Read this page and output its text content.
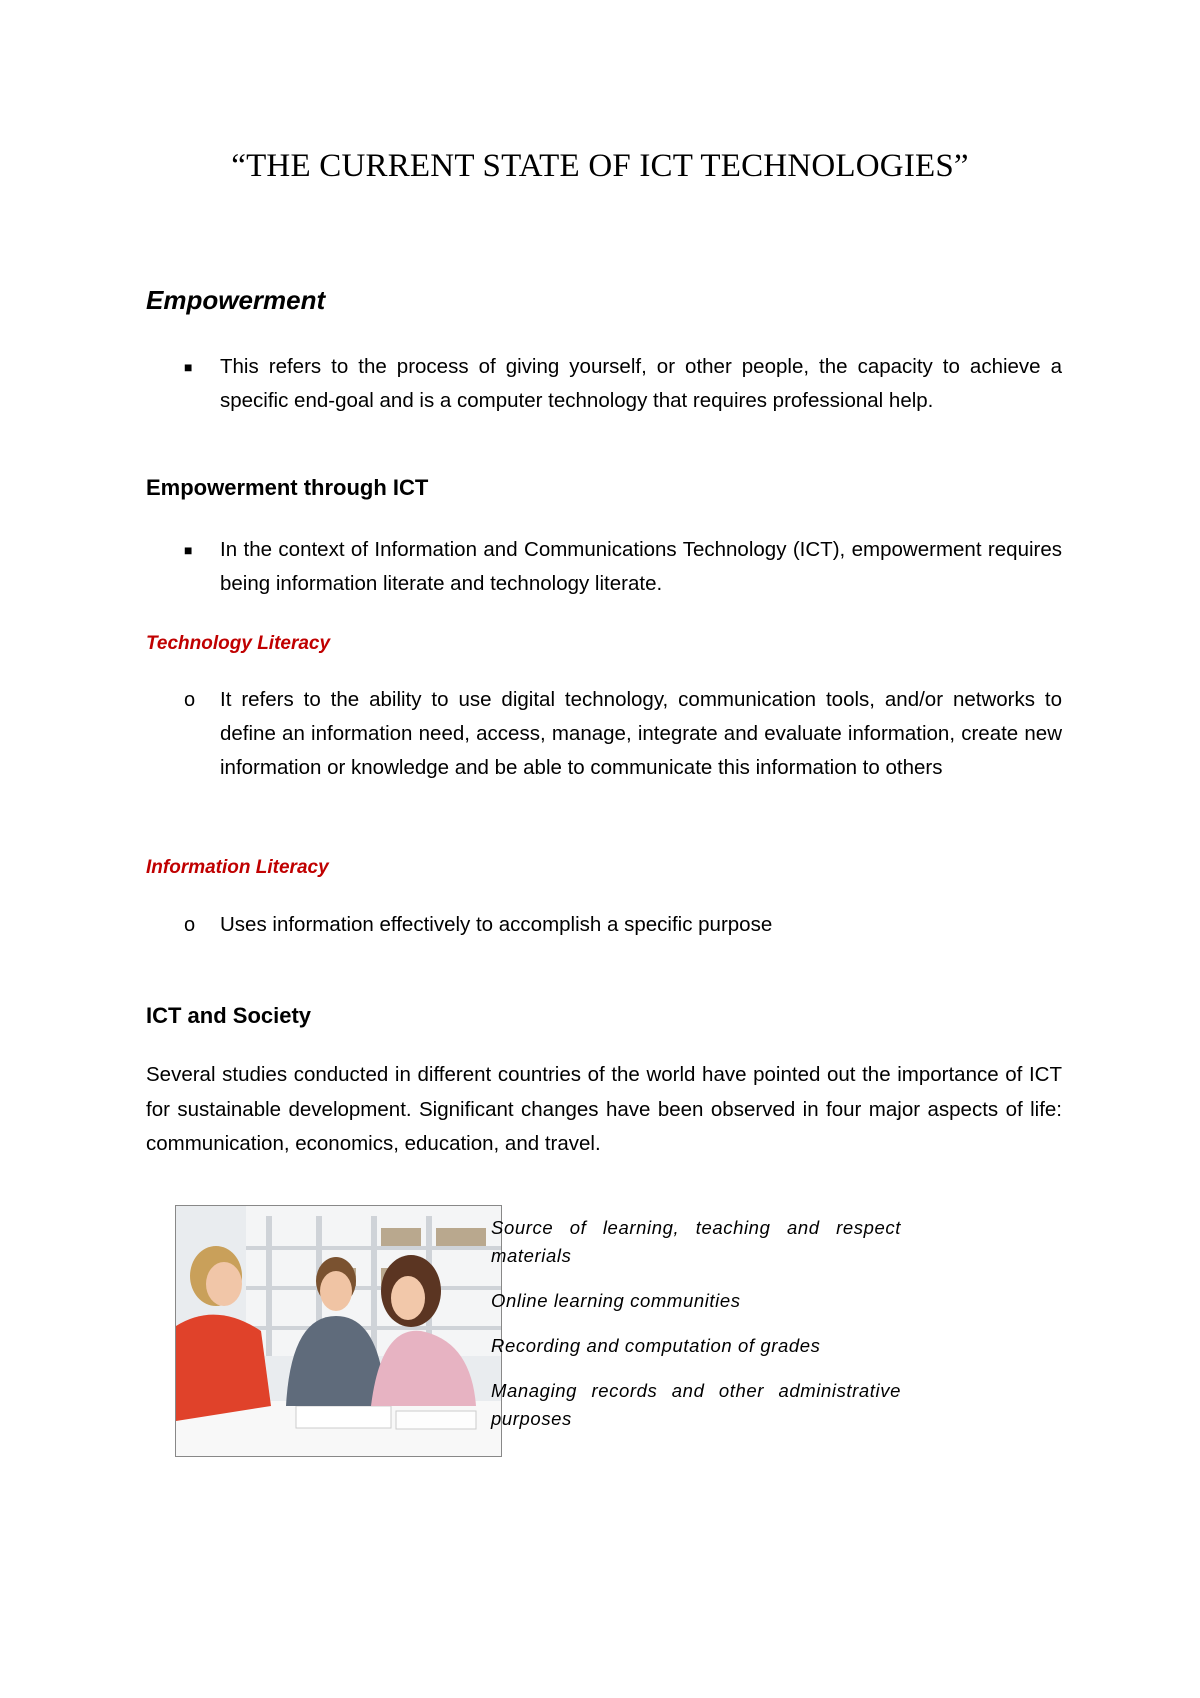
“THE CURRENT STATE OF ICT TECHNOLOGIES”
Empowerment
■ This refers to the process of giving yourself, or other people, the capacity to achieve a specific end-goal and is a computer technology that requires professional help.

Empowerment through ICT
■ In the context of Information and Communications Technology (ICT), empowerment requires being information literate and technology literate.

Technology Literacy
o It refers to the ability to use digital technology, communication tools, and/or networks to define an information need, access, manage, integrate and evaluate information, create new information or knowledge and be able to communicate this information to others

Information Literacy
o Uses information effectively to accomplish a specific purpose

ICT and Society

Several studies conducted in different countries of the world have pointed out the importance of ICT for sustainable development. Significant changes have been observed in four major aspects of life: communication, economics, education, and travel.

Source of learning, teaching and respect materials
Online learning communities
Recording and computation of grades
Managing records and other administrative purposes
